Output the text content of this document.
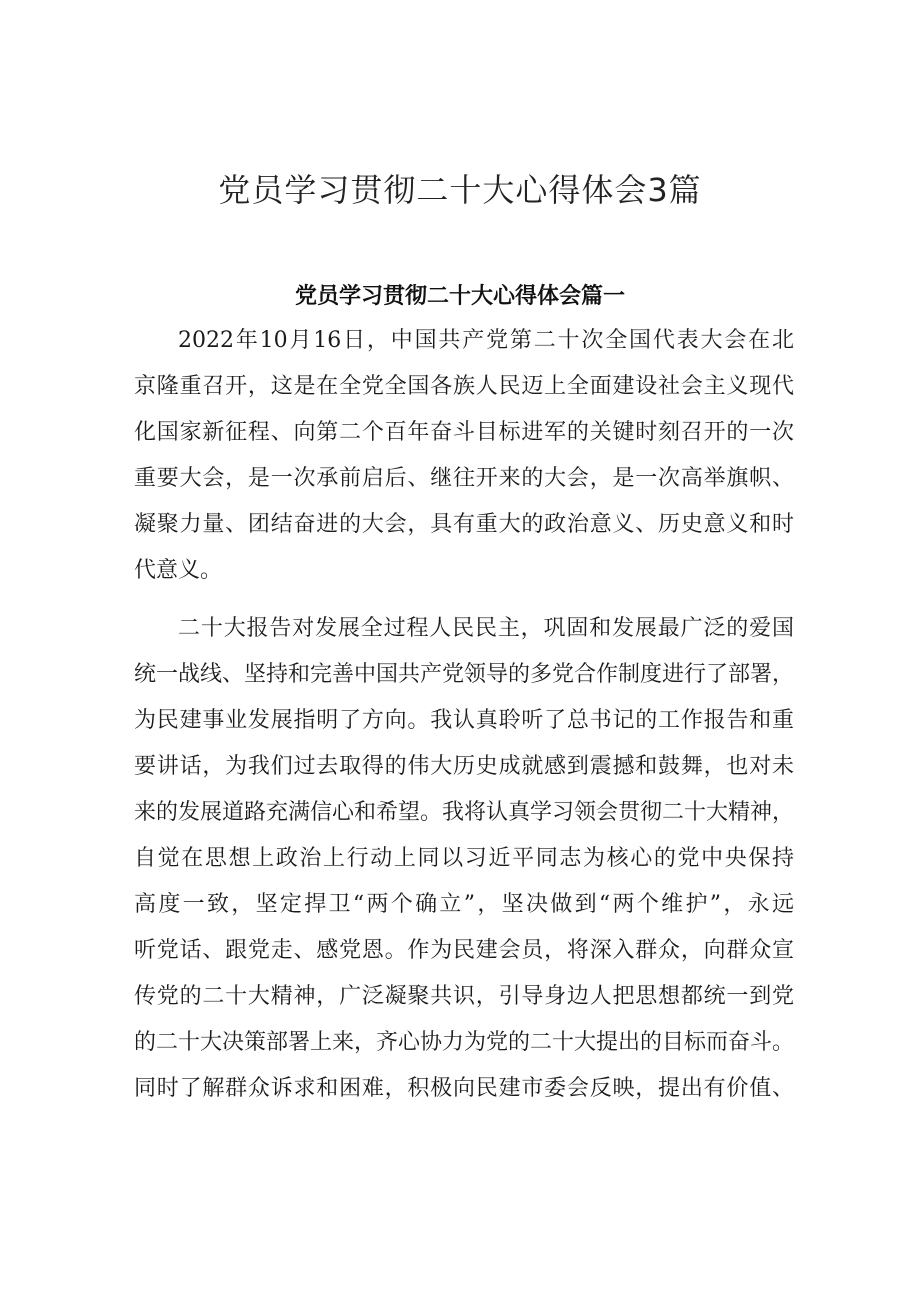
党员学习贯彻二十大心得体会3篇
党员学习贯彻二十大心得体会篇一
2022年10月16日，中国共产党第二十次全国代表大会在北
京隆重召开，这是在全党全国各族人民迈上全面建设社会主义现代
化国家新征程、向第二个百年奋斗目标进军的关键时刻召开的一次
重要大会，是一次承前启后、继往开来的大会，是一次高举旗帜、
凝聚力量、团结奋进的大会，具有重大的政治意义、历史意义和时
代意义。
二十大报告对发展全过程人民民主，巩固和发展最广泛的爱国
统一战线、坚持和完善中国共产党领导的多党合作制度进行了部署，
为民建事业发展指明了方向。我认真聆听了总书记的工作报告和重
要讲话，为我们过去取得的伟大历史成就感到震撼和鼓舞，也对未
来的发展道路充满信心和希望。我将认真学习领会贯彻二十大精神，
自觉在思想上政治上行动上同以习近平同志为核心的党中央保持
高度一致，坚定捍卫“两个确立”，坚决做到“两个维护”，永远
听党话、跟党走、感党恩。作为民建会员，将深入群众，向群众宣
传党的二十大精神，广泛凝聚共识，引导身边人把思想都统一到党
的二十大决策部署上来，齐心协力为党的二十大提出的目标而奋斗。
同时了解群众诉求和困难，积极向民建市委会反映，提出有价值、
